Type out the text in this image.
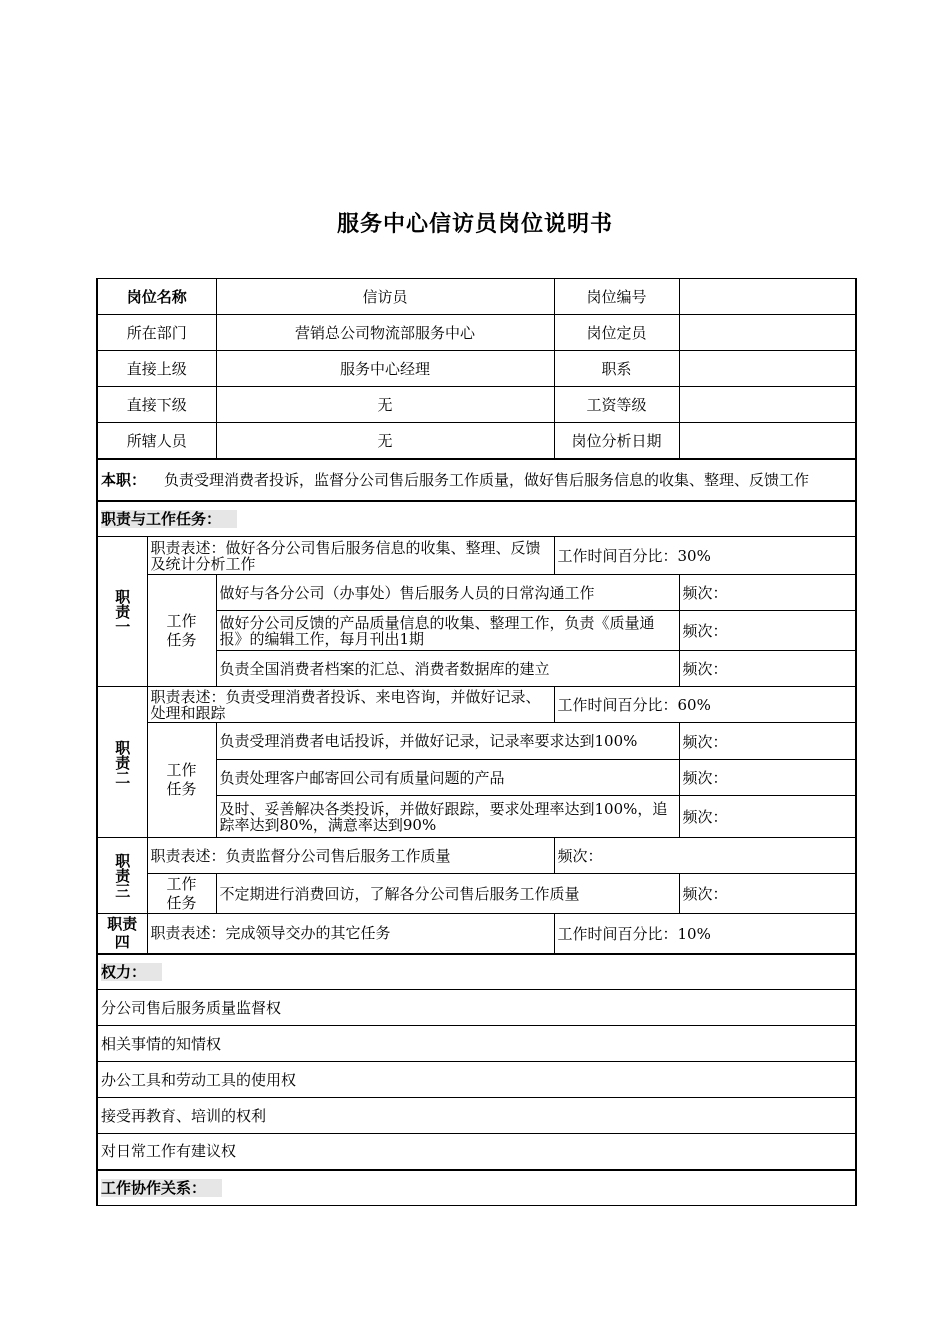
服务中心信访员岗位说明书
岗位名称		信访员	岗位编号	
所在部门		营销总公司物流部服务中心	岗位定员	
直接上级		服务中心经理	职系	
直接下级		无	工资等级	
所辖人员		无	岗位分析日期	
本职： 负责受理消费者投诉，监督分公司售后服务工作质量，做好售后服务信息的收集、整理、反馈工作				
职责与工作任务：				
职责一	职责表述：做好各分公司售后服务信息的收集、整理、反馈及统计分析工作		工作时间百分比：30%	
	工作任务	做好与各分公司（办事处）售后服务人员的日常沟通工作		频次：
		做好分公司反馈的产品质量信息的收集、整理工作，负责《质量通报》的编辑工作，每月刊出1期		频次：
		负责全国消费者档案的汇总、消费者数据库的建立		频次：
职责二	职责表述：负责受理消费者投诉、来电咨询，并做好记录、处理和跟踪		工作时间百分比：60%	
	工作任务	负责受理消费者电话投诉，并做好记录，记录率要求达到100%		频次：
		负责处理客户邮寄回公司有质量问题的产品		频次：
		及时、妥善解决各类投诉，并做好跟踪，要求处理率达到100%，追踪率达到80%，满意率达到90%		频次：
职责三	职责表述：负责监督分公司售后服务工作质量		频次：	
	工作任务	不定期进行消费回访，了解各分公司售后服务工作质量		频次：
职责四	职责表述：完成领导交办的其它任务		工作时间百分比：10%	
权力：				
分公司售后服务质量监督权				
相关事情的知情权				
办公工具和劳动工具的使用权				
接受再教育、培训的权利				
对日常工作有建议权				
工作协作关系：				
